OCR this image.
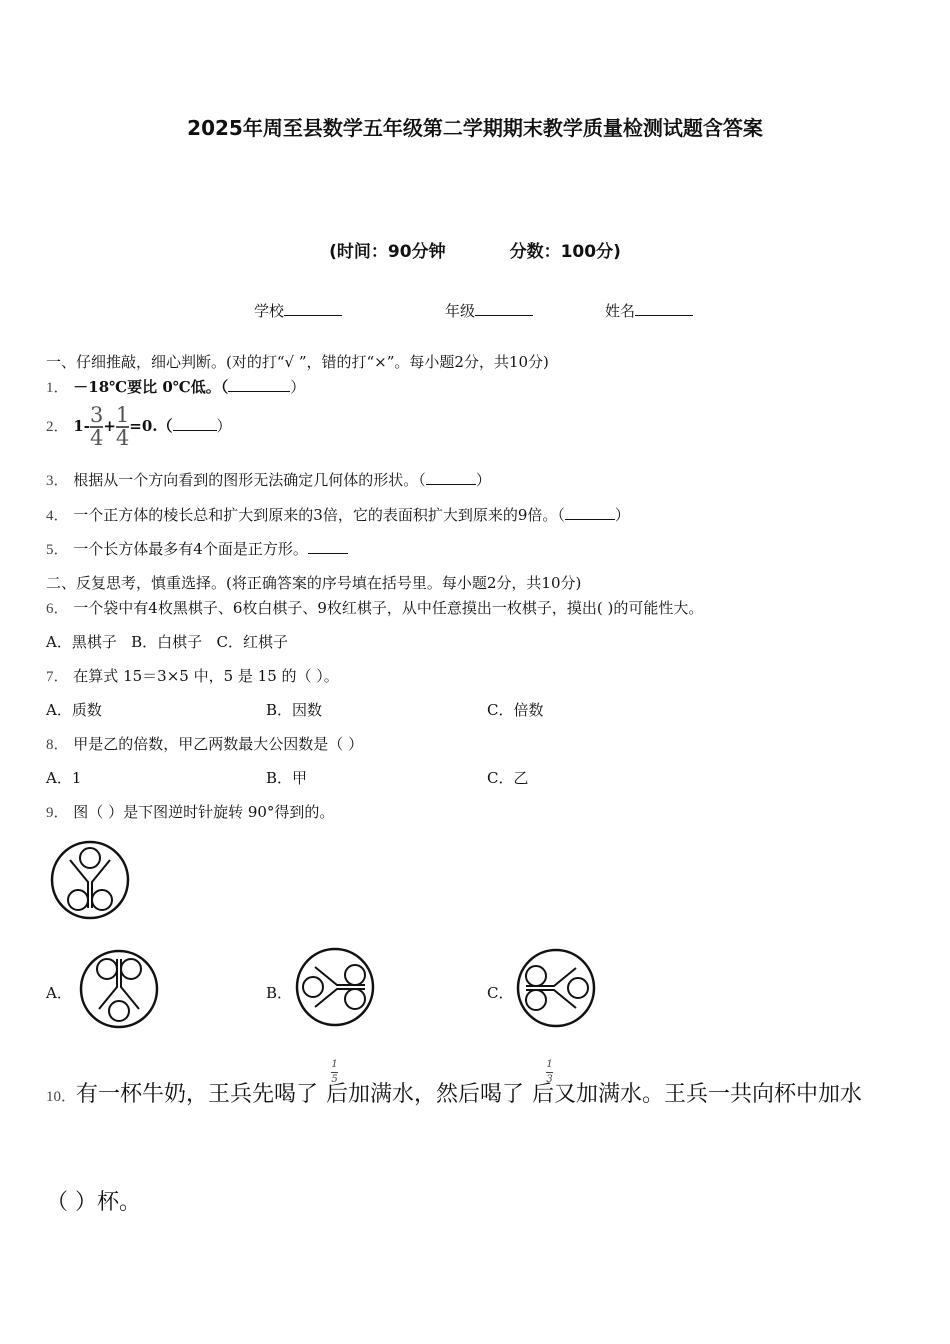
2025年周至县数学五年级第二学期期末教学质量检测试题含答案
(时间：90分钟	分数：100分)
学校	年级	姓名
一、仔细推敲，细心判断。(对的打“√ ”，错的打“×”。每小题2分，共10分)
1． －18℃要比 0℃低。（	）
2． $1-\frac{3}{4}+\frac{1}{4}=0$.（	）
3． 根据从一个方向看到的图形无法确定几何体的形状。（	）
4． 一个正方体的棱长总和扩大到原来的3倍，它的表面积扩大到原来的9倍。（	）
5． 一个长方体最多有4个面是正方形。
二、反复思考，慎重选择。(将正确答案的序号填在括号里。每小题2分，共10分)
6． 一个袋中有4枚黑棋子、6枚白棋子、9枚红棋子，从中任意摸出一枚棋子，摸出( )的可能性大。
A．黑棋子 B．白棋子 C．红棋子
7． 在算式 15＝3×5 中，5 是 15 的（ ）。
A．质数	B．因数	C．倍数
8． 甲是乙的倍数，甲乙两数最大公因数是（ ）
A．1	B．甲	C．乙
9． 图（ ）是下图逆时针旋转 90°得到的。
A．	B．	C．
10．有一杯牛奶，王兵先喝了 后加满水，然后喝了 后又加满水。王兵一共向杯中加水
1
5
1
3
（ ）杯。
